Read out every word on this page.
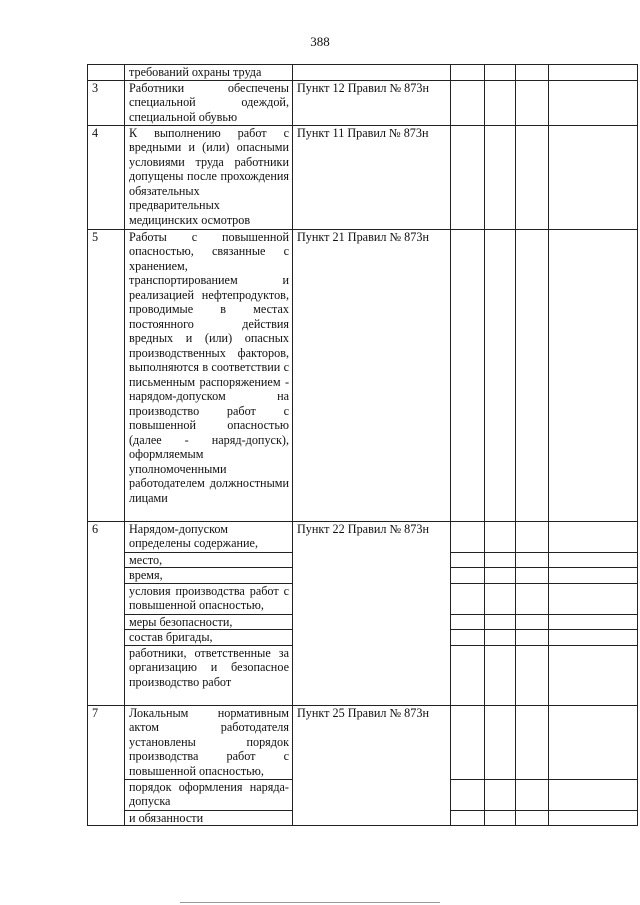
388
	требований охраны труда					
3	Работники обеспечены специальной одеждой, специальной обувью	Пункт 12 Правил № 873н				
4	К выполнению работ с вредными и (или) опасными условиями труда работники допущены после прохождения обязательных предварительных медицинских осмотров	Пункт 11 Правил № 873н				
5	Работы с повышенной опасностью, связанные с хранением, транспортированием и реализацией нефтепродуктов, проводимые в местах постоянного действия вредных и (или) опасных производственных факторов, выполняются в соответствии с письменным распоряжением - нарядом-допуском на производство работ с повышенной опасностью (далее - наряд-допуск), оформляемым уполномоченными работодателем должностными лицами	Пункт 21 Правил № 873н				
6	Нарядом-допуском определены содержание,	Пункт 22 Правил № 873н				
	место,					
	время,					
	условия производства работ с повышенной опасностью,					
	меры безопасности,					
	состав бригады,					
	работники, ответственные за организацию и безопасное производство работ					
7	Локальным нормативным актом работодателя установлены порядок производства работ с повышенной опасностью,	Пункт 25 Правил № 873н				
	порядок оформления наряда-допуска					
	и обязанности					
